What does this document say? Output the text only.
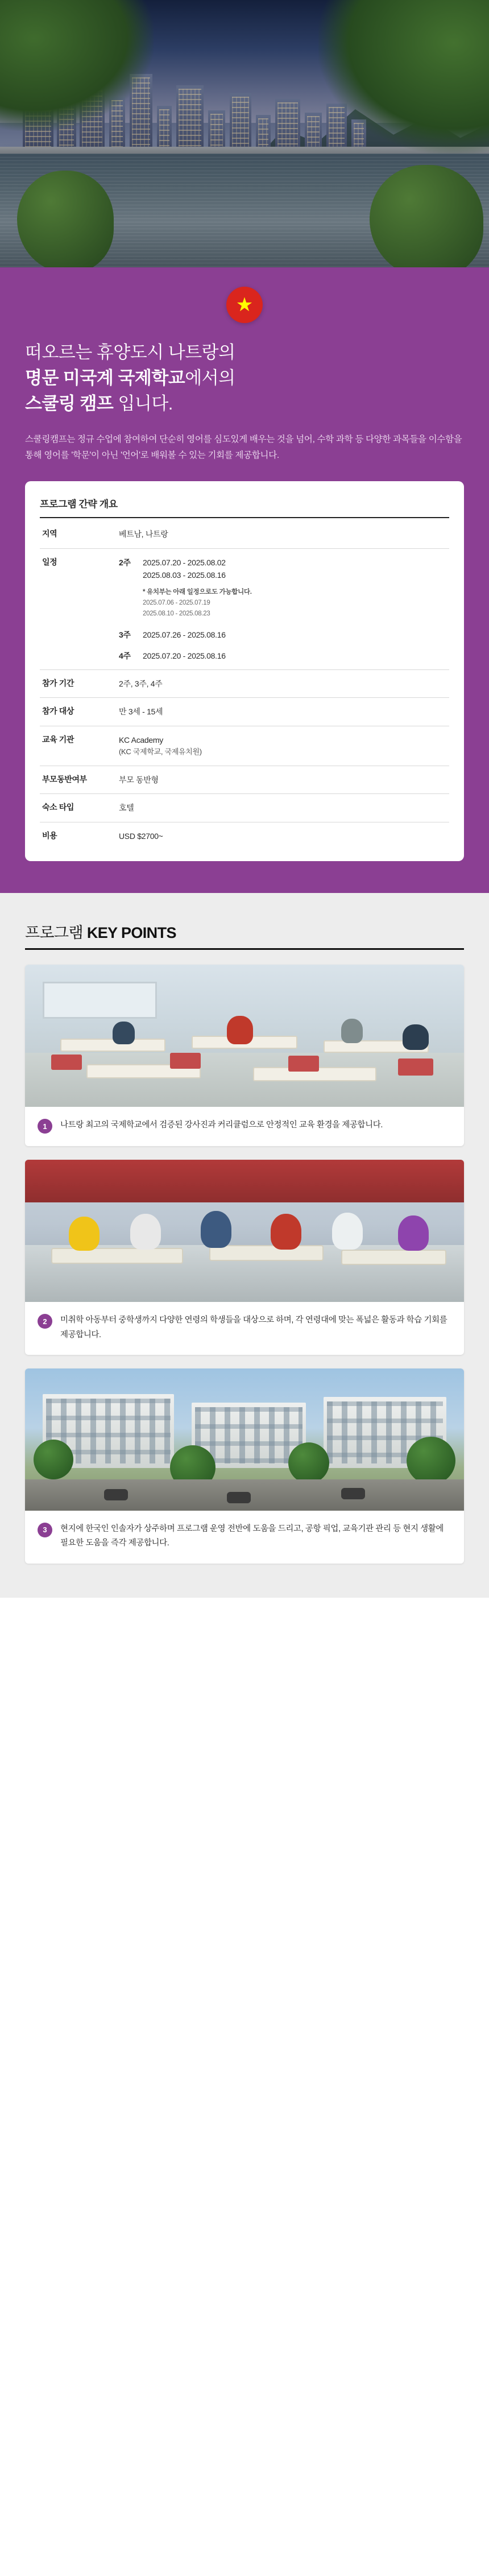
★
떠오르는 휴양도시 나트랑의
명문 미국계 국제학교에서의
스쿨링 캠프 입니다.

스쿨링캠프는 정규 수업에 참여하여 단순히 영어를 심도있게 배우는 것을 넘어, 수학 과학 등 다양한 과목들을 이수함을 통해 영어를 '학문'이 아닌 '언어'로 배워볼 수 있는 기회를 제공합니다.

프로그램 간략 개요
지역	베트남, 나트랑
일정	2주 2025.07.20 - 2025.08.02
2025.08.03 - 2025.08.16

	* 유치부는 아래 일정으로도 가능합니다.
2025.07.06 - 2025.07.19
2025.08.10 - 2025.08.23

	3주 2025.07.26 - 2025.08.16

	4주 2025.07.20 - 2025.08.16

참가 기간	2주, 3주, 4주
참가 대상	만 3세 - 15세
교육 기관	KC Academy
(KC 국제학교, 국제유치원)

부모동반여부	부모 동반형
숙소 타입	호텔
비용	USD $2700~
프로그램 KEY POINTS
1	나트랑 최고의 국제학교에서 검증된 강사진과 커리큘럼으로 안정적인 교육 환경을 제공합니다.
2	미취학 아동부터 중학생까지 다양한 연령의 학생들을 대상으로 하며, 각 연령대에 맞는 폭넓은 활동과 학습 기회를 제공합니다.
3	현지에 한국인 인솔자가 상주하며 프로그램 운영 전반에 도움을 드리고, 공항 픽업, 교육기관 관리 등 현지 생활에 필요한 도움을 즉각 제공합니다.
